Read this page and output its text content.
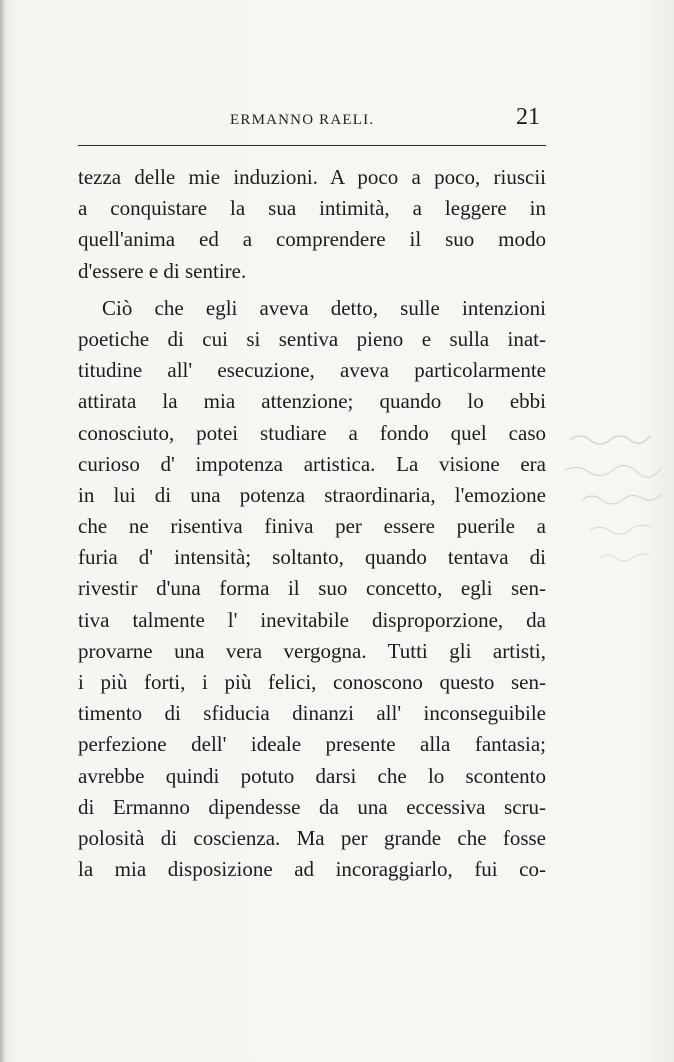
ERMANNO RAELI.	21
tezza delle mie induzioni. A poco a poco, riuscii
a conquistare la sua intimità, a leggere in
quell'anima ed a comprendere il suo modo
d'essere e di sentire.
Ciò che egli aveva detto, sulle intenzioni
poetiche di cui si sentiva pieno e sulla inat-
titudine all' esecuzione, aveva particolarmente
attirata la mia attenzione; quando lo ebbi
conosciuto, potei studiare a fondo quel caso
curioso d' impotenza artistica. La visione era
in lui di una potenza straordinaria, l'emozione
che ne risentiva finiva per essere puerile a
furia d' intensità; soltanto, quando tentava di
rivestir d'una forma il suo concetto, egli sen-
tiva talmente l' inevitabile disproporzione, da
provarne una vera vergogna. Tutti gli artisti,
i più forti, i più felici, conoscono questo sen-
timento di sfiducia dinanzi all' inconseguibile
perfezione dell' ideale presente alla fantasia;
avrebbe quindi potuto darsi che lo scontento
di Ermanno dipendesse da una eccessiva scru-
polosità di coscienza. Ma per grande che fosse
la mia disposizione ad incoraggiarlo, fui co-
